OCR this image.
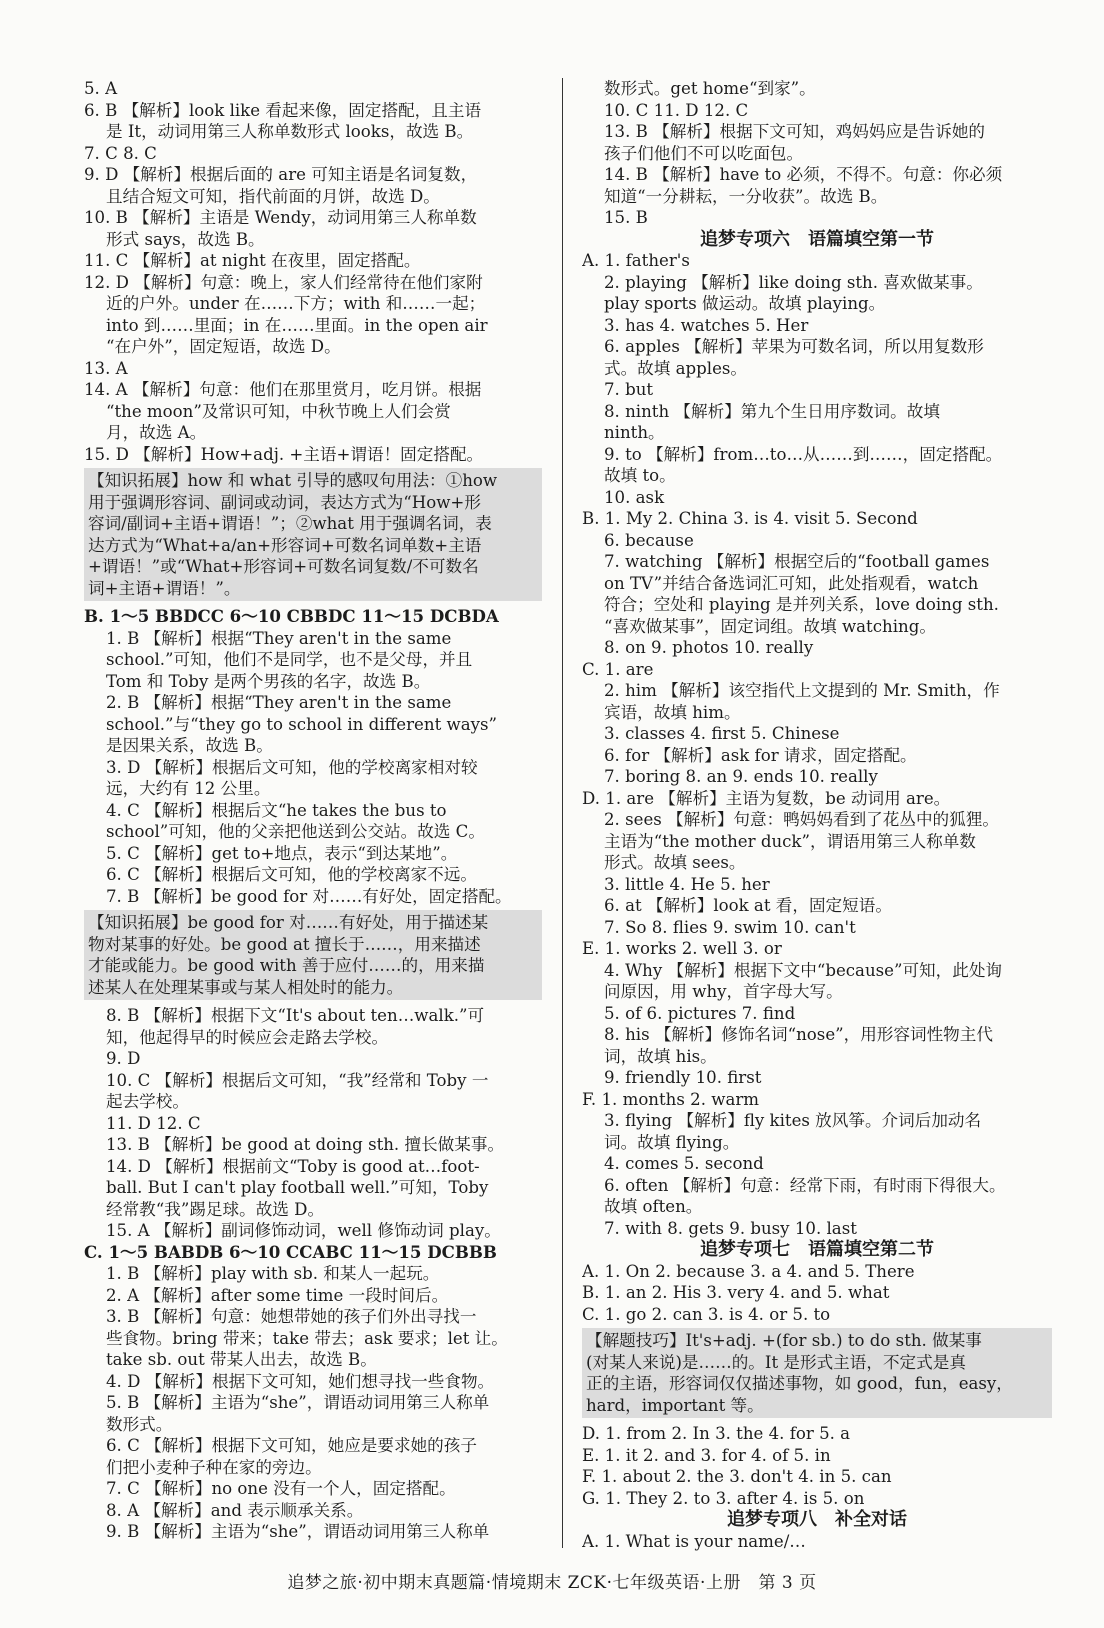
5. A
6. B 【解析】look like 看起来像，固定搭配，且主语
是 It，动词用第三人称单数形式 looks，故选 B。
7. C 8. C
9. D 【解析】根据后面的 are 可知主语是名词复数，
且结合短文可知，指代前面的月饼，故选 D。
10. B 【解析】主语是 Wendy，动词用第三人称单数
形式 says，故选 B。
11. C 【解析】at night 在夜里，固定搭配。
12. D 【解析】句意：晚上，家人们经常待在他们家附
近的户外。under 在……下方；with 和……一起；
into 到……里面；in 在……里面。in the open air
“在户外”，固定短语，故选 D。
13. A
14. A 【解析】句意：他们在那里赏月，吃月饼。根据
“the moon”及常识可知，中秋节晚上人们会赏
月，故选 A。
15. D 【解析】How+adj. +主语+谓语！固定搭配。
【知识拓展】how 和 what 引导的感叹句用法：①how
用于强调形容词、副词或动词，表达方式为“How+形
容词/副词+主语+谓语！”；②what 用于强调名词，表
达方式为“What+a/an+形容词+可数名词单数+主语
+谓语！”或“What+形容词+可数名词复数/不可数名
词+主语+谓语！”。
B. 1～5 BBDCC 6～10 CBBDC 11～15 DCBDA
1. B 【解析】根据“They aren't in the same
school.”可知，他们不是同学，也不是父母，并且
Tom 和 Toby 是两个男孩的名字，故选 B。
2. B 【解析】根据“They aren't in the same
school.”与“they go to school in different ways”
是因果关系，故选 B。
3. D 【解析】根据后文可知，他的学校离家相对较
远，大约有 12 公里。
4. C 【解析】根据后文“he takes the bus to
school”可知，他的父亲把他送到公交站。故选 C。
5. C 【解析】get to+地点，表示“到达某地”。
6. C 【解析】根据后文可知，他的学校离家不远。
7. B 【解析】be good for 对……有好处，固定搭配。
【知识拓展】be good for 对……有好处，用于描述某
物对某事的好处。be good at 擅长于……，用来描述
才能或能力。be good with 善于应付……的，用来描
述某人在处理某事或与某人相处时的能力。
8. B 【解析】根据下文“It's about ten…walk.”可
知，他起得早的时候应会走路去学校。
9. D
10. C 【解析】根据后文可知，“我”经常和 Toby 一
起去学校。
11. D 12. C
13. B 【解析】be good at doing sth. 擅长做某事。
14. D 【解析】根据前文“Toby is good at…foot-
ball. But I can't play football well.”可知，Toby
经常教“我”踢足球。故选 D。
15. A 【解析】副词修饰动词，well 修饰动词 play。
C. 1～5 BABDB 6～10 CCABC 11～15 DCBBB
1. B 【解析】play with sb. 和某人一起玩。
2. A 【解析】after some time 一段时间后。
3. B 【解析】句意：她想带她的孩子们外出寻找一
些食物。bring 带来；take 带去；ask 要求；let 让。
take sb. out 带某人出去，故选 B。
4. D 【解析】根据下文可知，她们想寻找一些食物。
5. B 【解析】主语为“she”，谓语动词用第三人称单
数形式。
6. C 【解析】根据下文可知，她应是要求她的孩子
们把小麦种子种在家的旁边。
7. C 【解析】no one 没有一个人，固定搭配。
8. A 【解析】and 表示顺承关系。
9. B 【解析】主语为“she”，谓语动词用第三人称单
数形式。get home“到家”。
10. C 11. D 12. C
13. B 【解析】根据下文可知，鸡妈妈应是告诉她的
孩子们他们不可以吃面包。
14. B 【解析】have to 必须，不得不。句意：你必须
知道“一分耕耘，一分收获”。故选 B。
15. B
追梦专项六　语篇填空第一节
A. 1. father's
2. playing 【解析】like doing sth. 喜欢做某事。
play sports 做运动。故填 playing。
3. has 4. watches 5. Her
6. apples 【解析】苹果为可数名词，所以用复数形
式。故填 apples。
7. but
8. ninth 【解析】第九个生日用序数词。故填
ninth。
9. to 【解析】from…to…从……到……，固定搭配。
故填 to。
10. ask
B. 1. My 2. China 3. is 4. visit 5. Second
6. because
7. watching 【解析】根据空后的“football games
on TV”并结合备选词汇可知，此处指观看，watch
符合；空处和 playing 是并列关系，love doing sth.
“喜欢做某事”，固定词组。故填 watching。
8. on 9. photos 10. really
C. 1. are
2. him 【解析】该空指代上文提到的 Mr. Smith，作
宾语，故填 him。
3. classes 4. first 5. Chinese
6. for 【解析】ask for 请求，固定搭配。
7. boring 8. an 9. ends 10. really
D. 1. are 【解析】主语为复数，be 动词用 are。
2. sees 【解析】句意：鸭妈妈看到了花丛中的狐狸。
主语为“the mother duck”，谓语用第三人称单数
形式。故填 sees。
3. little 4. He 5. her
6. at 【解析】look at 看，固定短语。
7. So 8. flies 9. swim 10. can't
E. 1. works 2. well 3. or
4. Why 【解析】根据下文中“because”可知，此处询
问原因，用 why，首字母大写。
5. of 6. pictures 7. find
8. his 【解析】修饰名词“nose”，用形容词性物主代
词，故填 his。
9. friendly 10. first
F. 1. months 2. warm
3. flying 【解析】fly kites 放风筝。介词后加动名
词。故填 flying。
4. comes 5. second
6. often 【解析】句意：经常下雨，有时雨下得很大。
故填 often。
7. with 8. gets 9. busy 10. last
追梦专项七　语篇填空第二节
A. 1. On 2. because 3. a 4. and 5. There
B. 1. an 2. His 3. very 4. and 5. what
C. 1. go 2. can 3. is 4. or 5. to
【解题技巧】It's+adj. +(for sb.) to do sth. 做某事
(对某人来说)是……的。It 是形式主语，不定式是真
正的主语，形容词仅仅描述事物，如 good，fun，easy，
hard，important 等。
D. 1. from 2. In 3. the 4. for 5. a
E. 1. it 2. and 3. for 4. of 5. in
F. 1. about 2. the 3. don't 4. in 5. can
G. 1. They 2. to 3. after 4. is 5. on
追梦专项八　补全对话
A. 1. What is your name/…
追梦之旅·初中期末真题篇·情境期末 ZCK·七年级英语·上册　第 3 页
